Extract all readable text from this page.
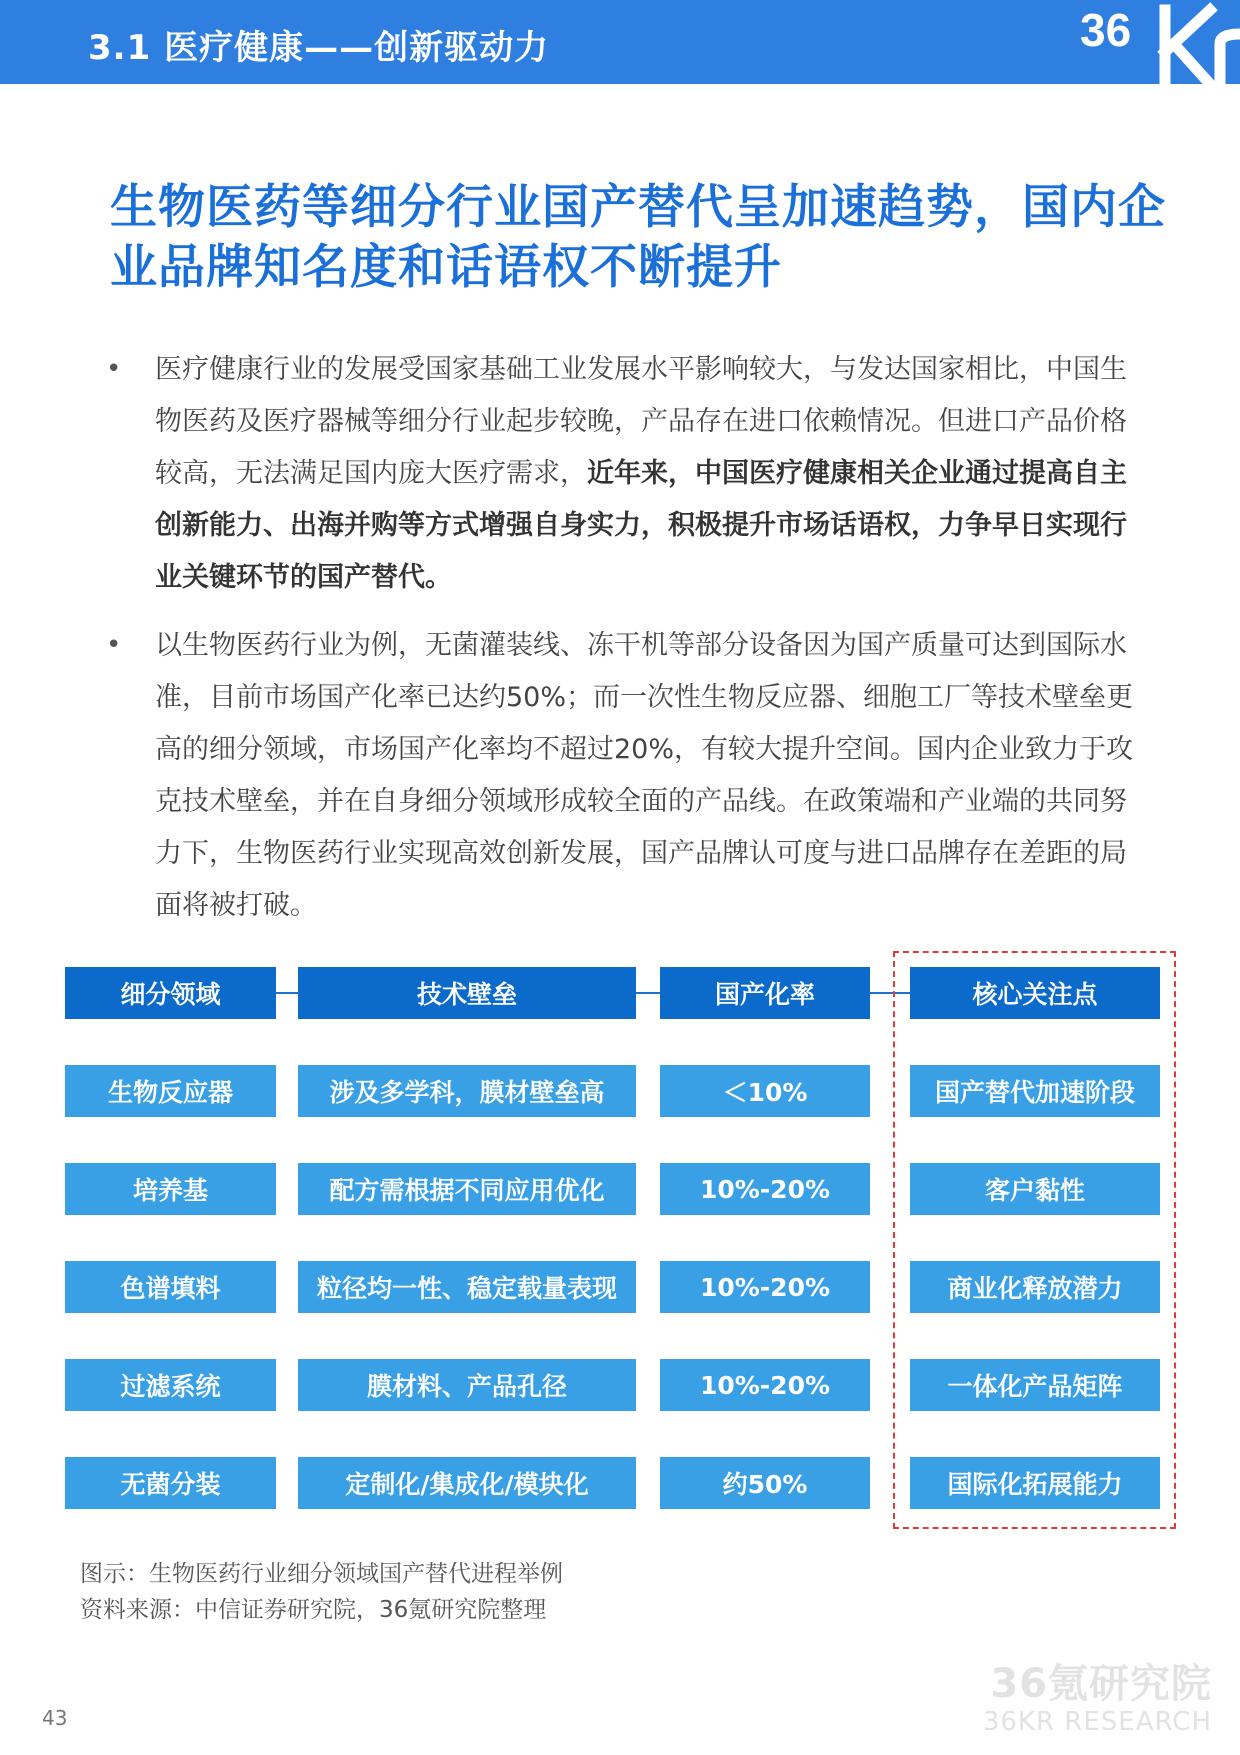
3.1 医疗健康——创新驱动力	36
生物医药等细分行业国产替代呈加速趋势，国内企业品牌知名度和话语权不断提升
• 医疗健康行业的发展受国家基础工业发展水平影响较大，与发达国家相比，中国生物医药及医疗器械等细分行业起步较晚，产品存在进口依赖情况。但进口产品价格较高，无法满足国内庞大医疗需求，近年来，中国医疗健康相关企业通过提高自主创新能力、出海并购等方式增强自身实力，积极提升市场话语权，力争早日实现行业关键环节的国产替代。

• 以生物医药行业为例，无菌灌装线、冻干机等部分设备因为国产质量可达到国际水准，目前市场国产化率已达约50%；而一次性生物反应器、细胞工厂等技术壁垒更高的细分领域，市场国产化率均不超过20%，有较大提升空间。国内企业致力于攻克技术壁垒，并在自身细分领域形成较全面的产品线。在政策端和产业端的共同努力下，生物医药行业实现高效创新发展，国产品牌认可度与进口品牌存在差距的局面将被打破。

细分领域	技术壁垒	国产化率	核心关注点
生物反应器	涉及多学科，膜材壁垒高	＜10%	国产替代加速阶段
培养基	配方需根据不同应用优化	10%-20%	客户黏性
色谱填料	粒径均一性、稳定载量表现	10%-20%	商业化释放潜力
过滤系统	膜材料、产品孔径	10%-20%	一体化产品矩阵
无菌分装	定制化/集成化/模块化	约50%	国际化拓展能力
图示：生物医药行业细分领域国产替代进程举例
资料来源：中信证券研究院，36氪研究院整理
43
36氪研究院
36KR RESEARCH
